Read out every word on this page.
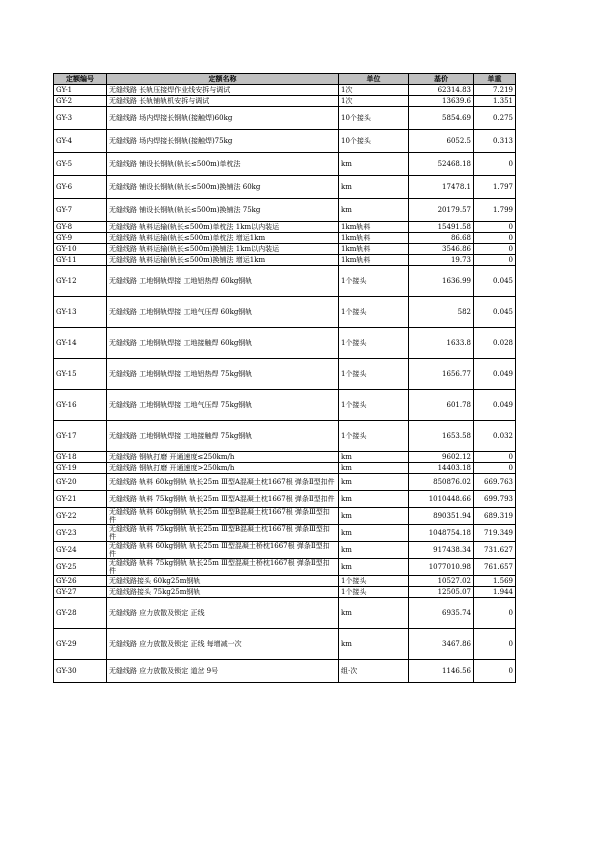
定额编号	定额名称	单位	基价	单重
GY-1	无缝线路 长轨压接焊作业线安拆与调试	1次	62314.83	7.219
GY-2	无缝线路 长轨铺轨机安拆与调试	1次	13639.6	1.351
GY-3	无缝线路 场内焊接长钢轨(接触焊)60kg	10个接头	5854.69	0.275
GY-4	无缝线路 场内焊接长钢轨(接触焊)75kg	10个接头	6052.5	0.313
GY-5	无缝线路 铺设长钢轨(轨长≤500m)单枕法	km	52468.18	0
GY-6	无缝线路 铺设长钢轨(轨长≤500m)换铺法 60kg	km	17478.1	1.797
GY-7	无缝线路 铺设长钢轨(轨长≤500m)换铺法 75kg	km	20179.57	1.799
GY-8	无缝线路 轨料运输(轨长≤500m)单枕法 1km以内装运	1km轨料	15491.58	0
GY-9	无缝线路 轨料运输(轨长≤500m)单枕法 增运1km	1km轨料	86.68	0
GY-10	无缝线路 轨料运输(轨长≤500m)换铺法 1km以内装运	1km轨料	3546.86	0
GY-11	无缝线路 轨料运输(轨长≤500m)换铺法 增运1km	1km轨料	19.73	0
GY-12	无缝线路 工地钢轨焊接 工地铝热焊 60kg钢轨	1个接头	1636.99	0.045
GY-13	无缝线路 工地钢轨焊接 工地气压焊 60kg钢轨	1个接头	582	0.045
GY-14	无缝线路 工地钢轨焊接 工地接触焊 60kg钢轨	1个接头	1633.8	0.028
GY-15	无缝线路 工地钢轨焊接 工地铝热焊 75kg钢轨	1个接头	1656.77	0.049
GY-16	无缝线路 工地钢轨焊接 工地气压焊 75kg钢轨	1个接头	601.78	0.049
GY-17	无缝线路 工地钢轨焊接 工地接触焊 75kg钢轨	1个接头	1653.58	0.032
GY-18	无缝线路 钢轨打磨 开通速度≤250km/h	km	9602.12	0
GY-19	无缝线路 钢轨打磨 开通速度>250km/h	km	14403.18	0
GY-20	无缝线路 轨料 60kg钢轨 轨长25m Ⅲ型A混凝土枕1667根 弹条Ⅱ型扣件	km	850876.02	669.763
GY-21	无缝线路 轨料 75kg钢轨 轨长25m Ⅲ型A混凝土枕1667根 弹条Ⅱ型扣件	km	1010448.66	699.793
GY-22	无缝线路 轨料 60kg钢轨 轨长25m Ⅲ型B混凝土枕1667根 弹条Ⅲ型扣件	km	890351.94	689.319
GY-23	无缝线路 轨料 75kg钢轨 轨长25m Ⅲ型B混凝土枕1667根 弹条Ⅲ型扣件	km	1048754.18	719.349
GY-24	无缝线路 轨料 60kg钢轨 轨长25m Ⅲ型混凝土桥枕1667根 弹条Ⅱ型扣件	km	917438.34	731.627
GY-25	无缝线路 轨料 75kg钢轨 轨长25m Ⅲ型混凝土桥枕1667根 弹条Ⅱ型扣件	km	1077010.98	761.657
GY-26	无缝线路接头 60kg25m钢轨	1个接头	10527.02	1.569
GY-27	无缝线路接头 75kg25m钢轨	1个接头	12505.07	1.944
GY-28	无缝线路 应力放散及锁定 正线	km	6935.74	0
GY-29	无缝线路 应力放散及锁定 正线 每增减一次	km	3467.86	0
GY-30	无缝线路 应力放散及锁定 道岔 9号	组·次	1146.56	0
